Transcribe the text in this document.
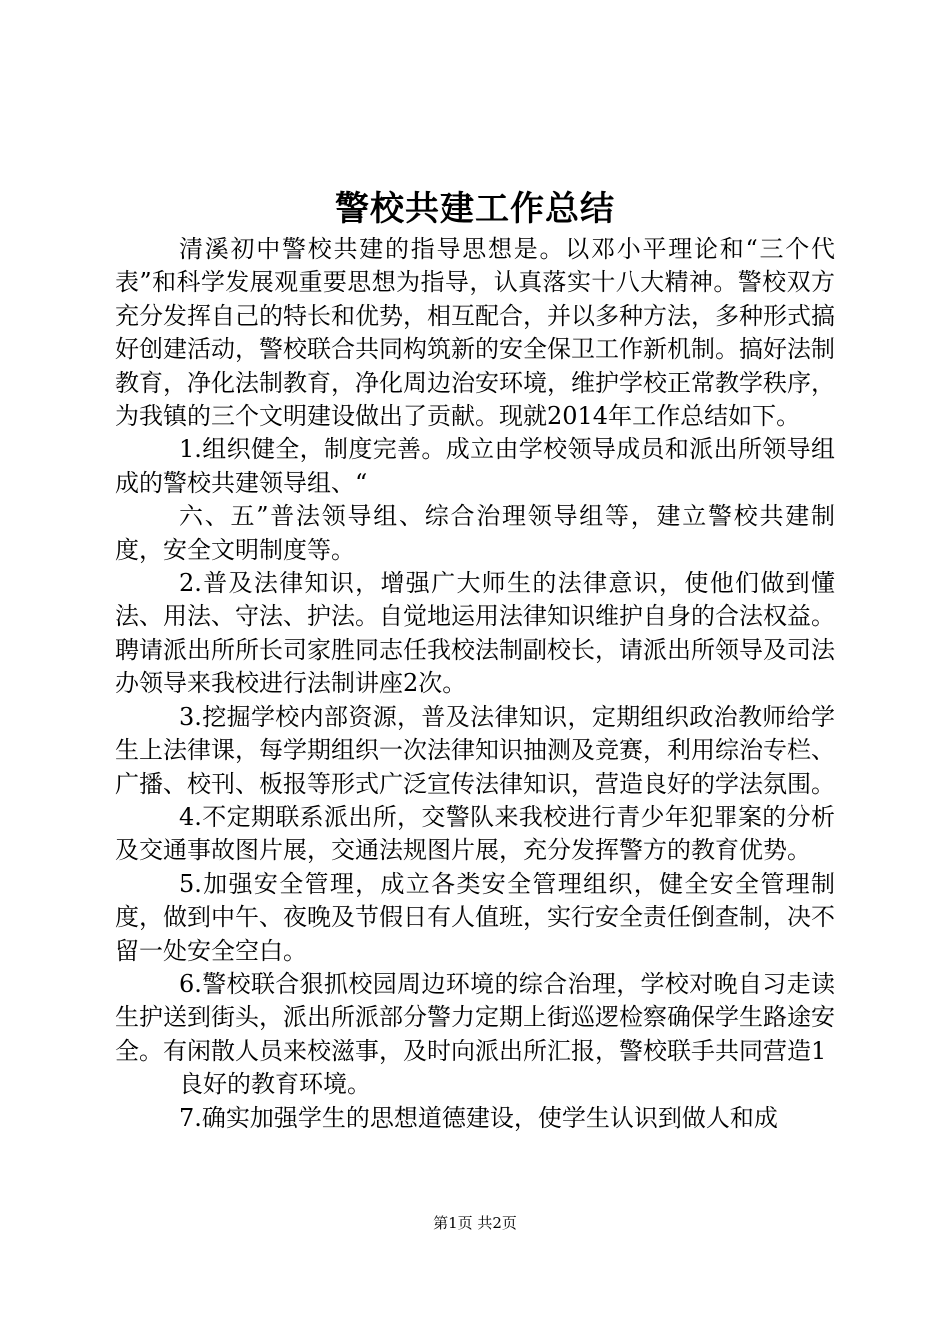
警校共建工作总结

清溪初中警校共建的指导思想是。以邓小平理论和“三个代表”和科学发展观重要思想为指导，认真落实十八大精神。警校双方充分发挥自己的特长和优势，相互配合，并以多种方法，多种形式搞好创建活动，警校联合共同构筑新的安全保卫工作新机制。搞好法制教育，净化法制教育，净化周边治安环境，维护学校正常教学秩序，为我镇的三个文明建设做出了贡献。现就2014年工作总结如下。

1.组织健全，制度完善。成立由学校领导成员和派出所领导组成的警校共建领导组、“

六、五”普法领导组、综合治理领导组等，建立警校共建制度，安全文明制度等。

2.普及法律知识，增强广大师生的法律意识，使他们做到懂法、用法、守法、护法。自觉地运用法律知识维护自身的合法权益。聘请派出所所长司家胜同志任我校法制副校长，请派出所领导及司法办领导来我校进行法制讲座2次。

3.挖掘学校内部资源，普及法律知识，定期组织政治教师给学生上法律课，每学期组织一次法律知识抽测及竞赛，利用综治专栏、广播、校刊、板报等形式广泛宣传法律知识，营造良好的学法氛围。

4.不定期联系派出所，交警队来我校进行青少年犯罪案的分析及交通事故图片展，交通法规图片展，充分发挥警方的教育优势。

5.加强安全管理，成立各类安全管理组织，健全安全管理制度，做到中午、夜晚及节假日有人值班，实行安全责任倒查制，决不留一处安全空白。

6.警校联合狠抓校园周边环境的综合治理，学校对晚自习走读生护送到街头，派出所派部分警力定期上街巡逻检察确保学生路途安全。有闲散人员来校滋事，及时向派出所汇报，警校联手共同营造1

良好的教育环境。

7.确实加强学生的思想道德建设，使学生认识到做人和成

第1页 共2页
